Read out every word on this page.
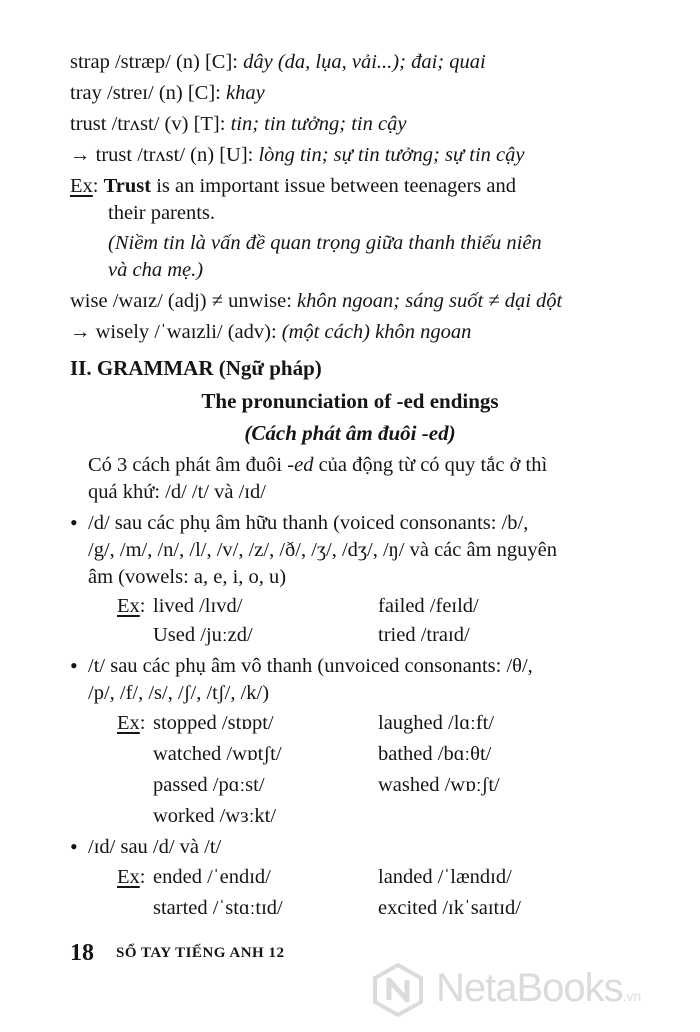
strap /stræp/ (n) [C]: dây (da, lụa, vải...); đai; quai
tray /streɪ/ (n) [C]: khay
trust /trʌst/ (v) [T]: tin; tin tưởng; tin cậy
→ trust /trʌst/ (n) [U]: lòng tin; sự tin tưởng; sự tin cậy
Ex: Trust is an important issue between teenagers and
their parents.
(Niềm tin là vấn đề quan trọng giữa thanh thiếu niên
và cha mẹ.)
wise /waɪz/ (adj) ≠ unwise: khôn ngoan; sáng suốt ≠ dại dột
→ wisely /ˈwaɪzli/ (adv): (một cách) khôn ngoan
II. GRAMMAR (Ngữ pháp)
The pronunciation of -ed endings
(Cách phát âm đuôi -ed)
Có 3 cách phát âm đuôi -ed của động từ có quy tắc ở thì
quá khứ: /d/ /t/ và /ɪd/
• /d/ sau các phụ âm hữu thanh (voiced consonants: /b/,
/g/, /m/, /n/, /l/, /v/, /z/, /ð/, /ʒ/, /dʒ/, /ŋ/ và các âm nguyên
âm (vowels: a, e, i, o, u)
Ex: lived /lɪvd/	failed /feɪld/
Used /juːzd/	tried /traɪd/
• /t/ sau các phụ âm vô thanh (unvoiced consonants: /θ/,
/p/, /f/, /s/, /ʃ/, /tʃ/, /k/)
Ex: stopped /stɒpt/	laughed /lɑːft/
watched /wɒtʃt/	bathed /bɑːθt/
passed /pɑːst/	washed /wɒːʃt/
worked /wɜːkt/
• /ɪd/ sau /d/ và /t/
Ex: ended /ˈendɪd/	landed /ˈlændɪd/
started /ˈstɑːtɪd/	excited /ɪkˈsaɪtɪd/
18 SỔ TAY TIẾNG ANH 12
NetaBooks.vn
